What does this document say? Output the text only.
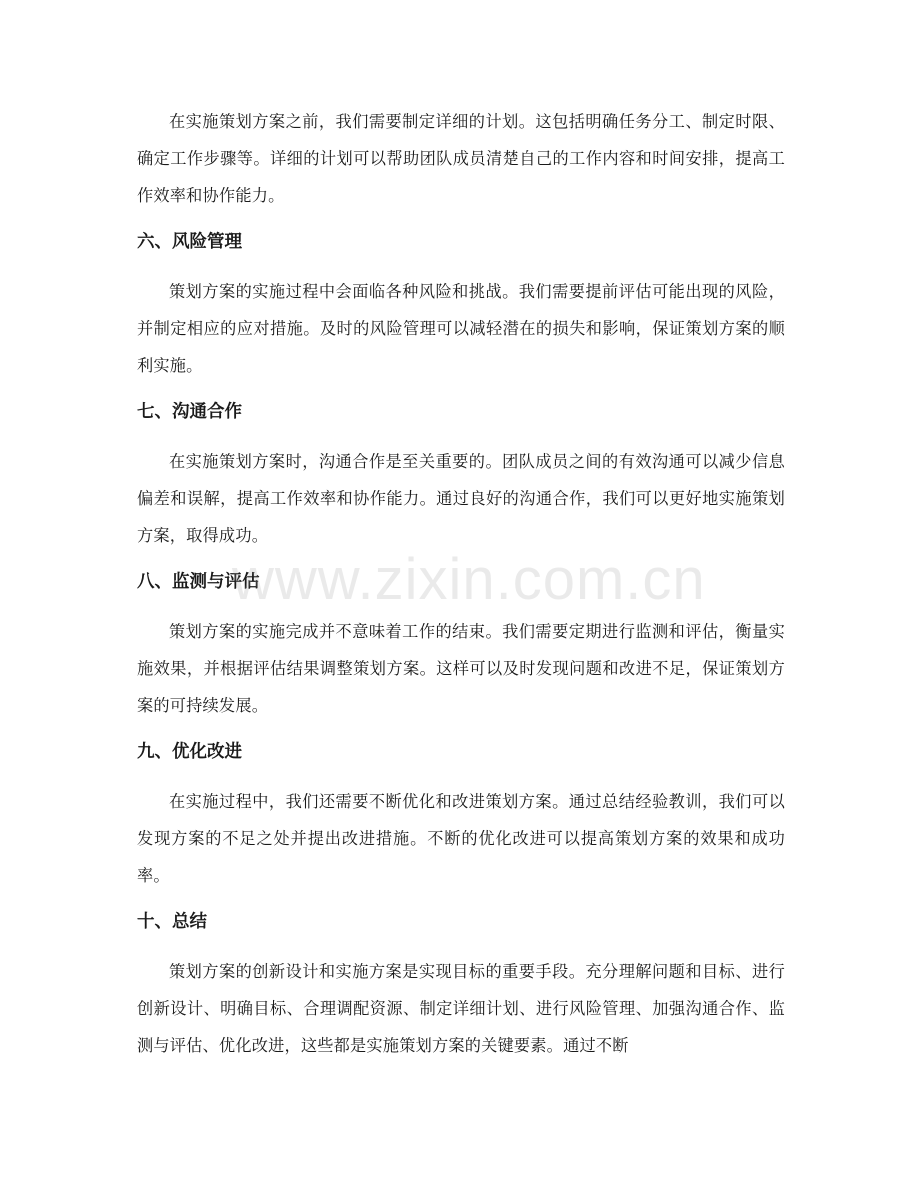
在实施策划方案之前，我们需要制定详细的计划。这包括明确任务分工、制定时限、确定工作步骤等。详细的计划可以帮助团队成员清楚自己的工作内容和时间安排，提高工作效率和协作能力。

六、风险管理

策划方案的实施过程中会面临各种风险和挑战。我们需要提前评估可能出现的风险，并制定相应的应对措施。及时的风险管理可以减轻潜在的损失和影响，保证策划方案的顺利实施。

七、沟通合作

在实施策划方案时，沟通合作是至关重要的。团队成员之间的有效沟通可以减少信息偏差和误解，提高工作效率和协作能力。通过良好的沟通合作，我们可以更好地实施策划方案，取得成功。

八、监测与评估

策划方案的实施完成并不意味着工作的结束。我们需要定期进行监测和评估，衡量实施效果，并根据评估结果调整策划方案。这样可以及时发现问题和改进不足，保证策划方案的可持续发展。

九、优化改进

在实施过程中，我们还需要不断优化和改进策划方案。通过总结经验教训，我们可以发现方案的不足之处并提出改进措施。不断的优化改进可以提高策划方案的效果和成功率。

十、总结

策划方案的创新设计和实施方案是实现目标的重要手段。充分理解问题和目标、进行创新设计、明确目标、合理调配资源、制定详细计划、进行风险管理、加强沟通合作、监测与评估、优化改进，这些都是实施策划方案的关键要素。通过不断

www.zixin.com.cn
